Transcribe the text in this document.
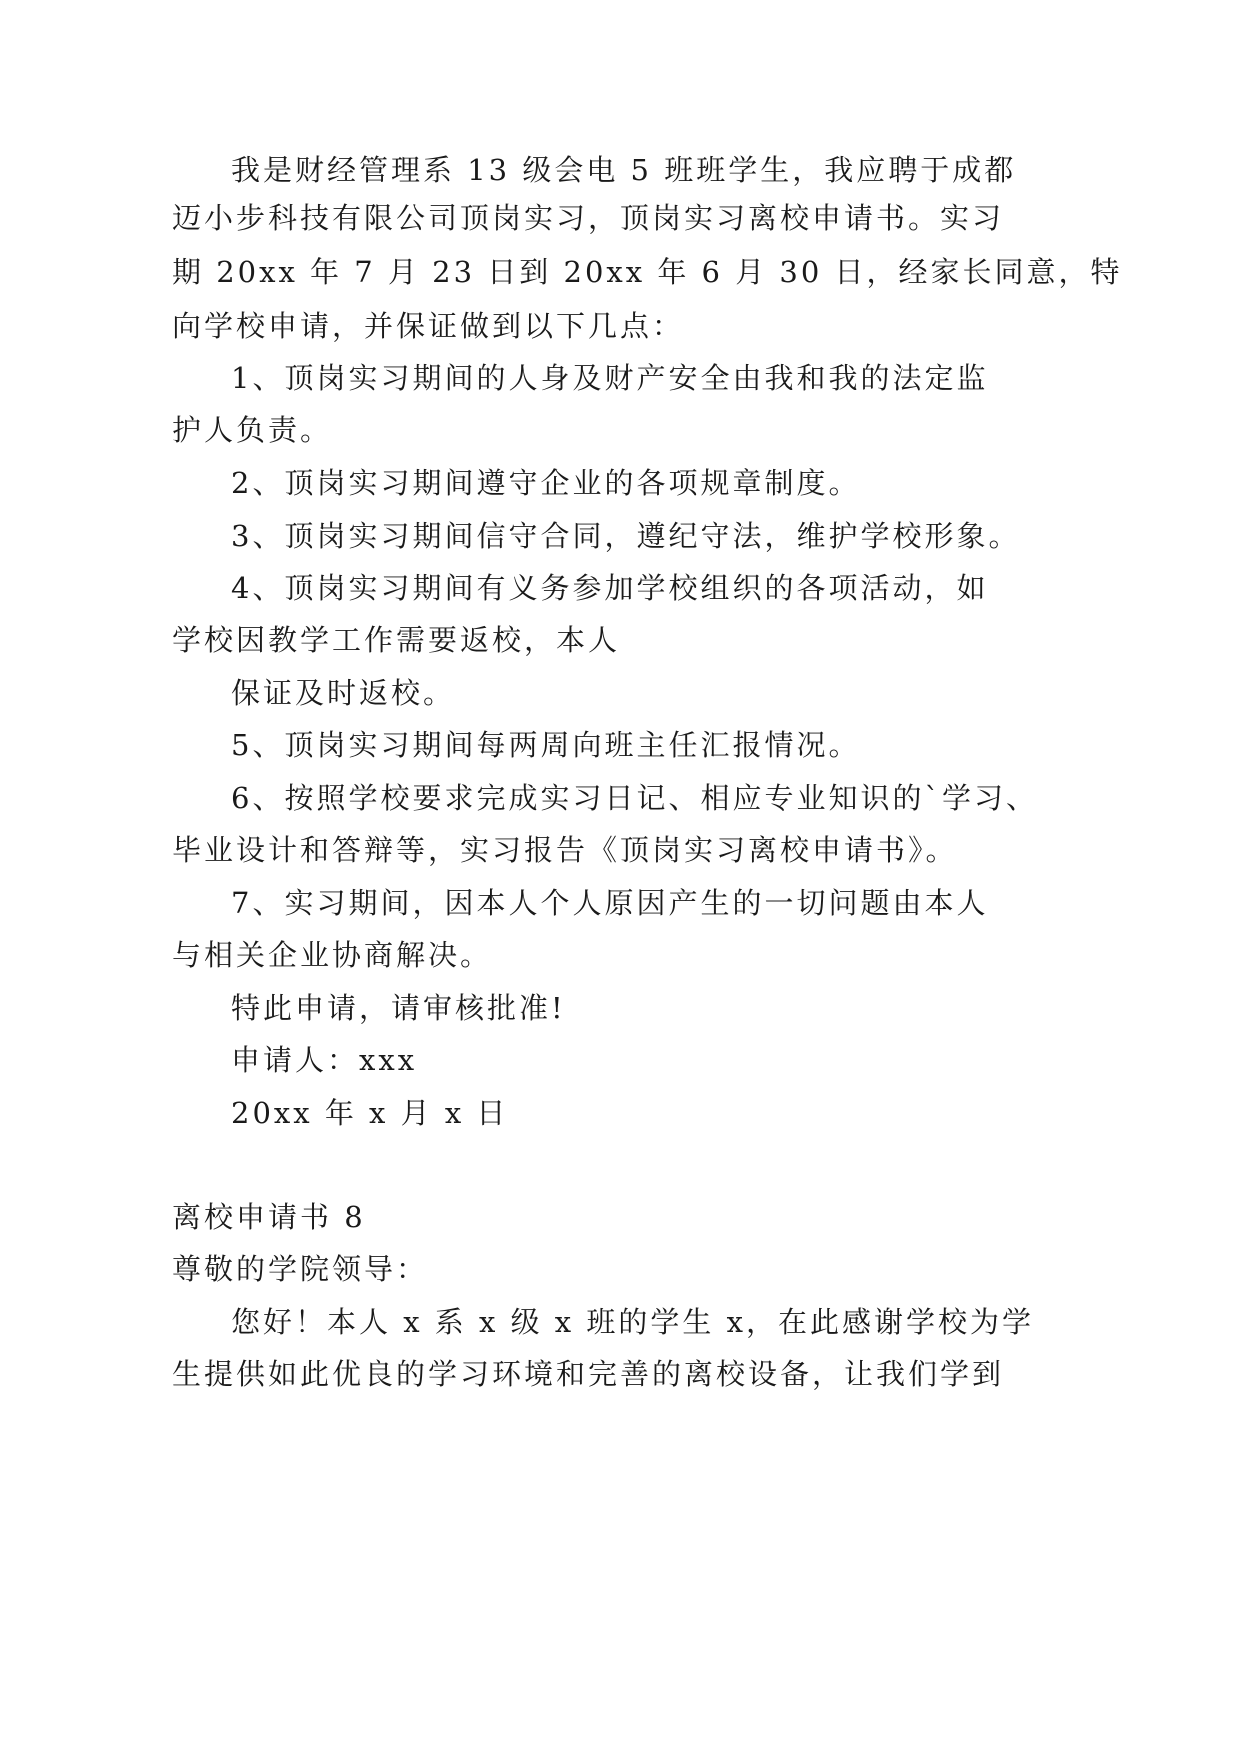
我是财经管理系 13 级会电 5 班班学生，我应聘于成都
迈小步科技有限公司顶岗实习，顶岗实习离校申请书。实习
期 20xx 年 7 月 23 日到 20xx 年 6 月 30 日，经家长同意，特
向学校申请，并保证做到以下几点：
1、顶岗实习期间的人身及财产安全由我和我的法定监
护人负责。
2、顶岗实习期间遵守企业的各项规章制度。
3、顶岗实习期间信守合同，遵纪守法，维护学校形象。
4、顶岗实习期间有义务参加学校组织的各项活动，如
学校因教学工作需要返校，本人
保证及时返校。
5、顶岗实习期间每两周向班主任汇报情况。
6、按照学校要求完成实习日记、相应专业知识的`学习、
毕业设计和答辩等，实习报告《顶岗实习离校申请书》。
7、实习期间，因本人个人原因产生的一切问题由本人
与相关企业协商解决。
特此申请，请审核批准!
申请人：xxx
20xx 年 x 月 x 日
离校申请书 8
尊敬的学院领导：
您好！本人 x 系 x 级 x 班的学生 x，在此感谢学校为学
生提供如此优良的学习环境和完善的离校设备，让我们学到
